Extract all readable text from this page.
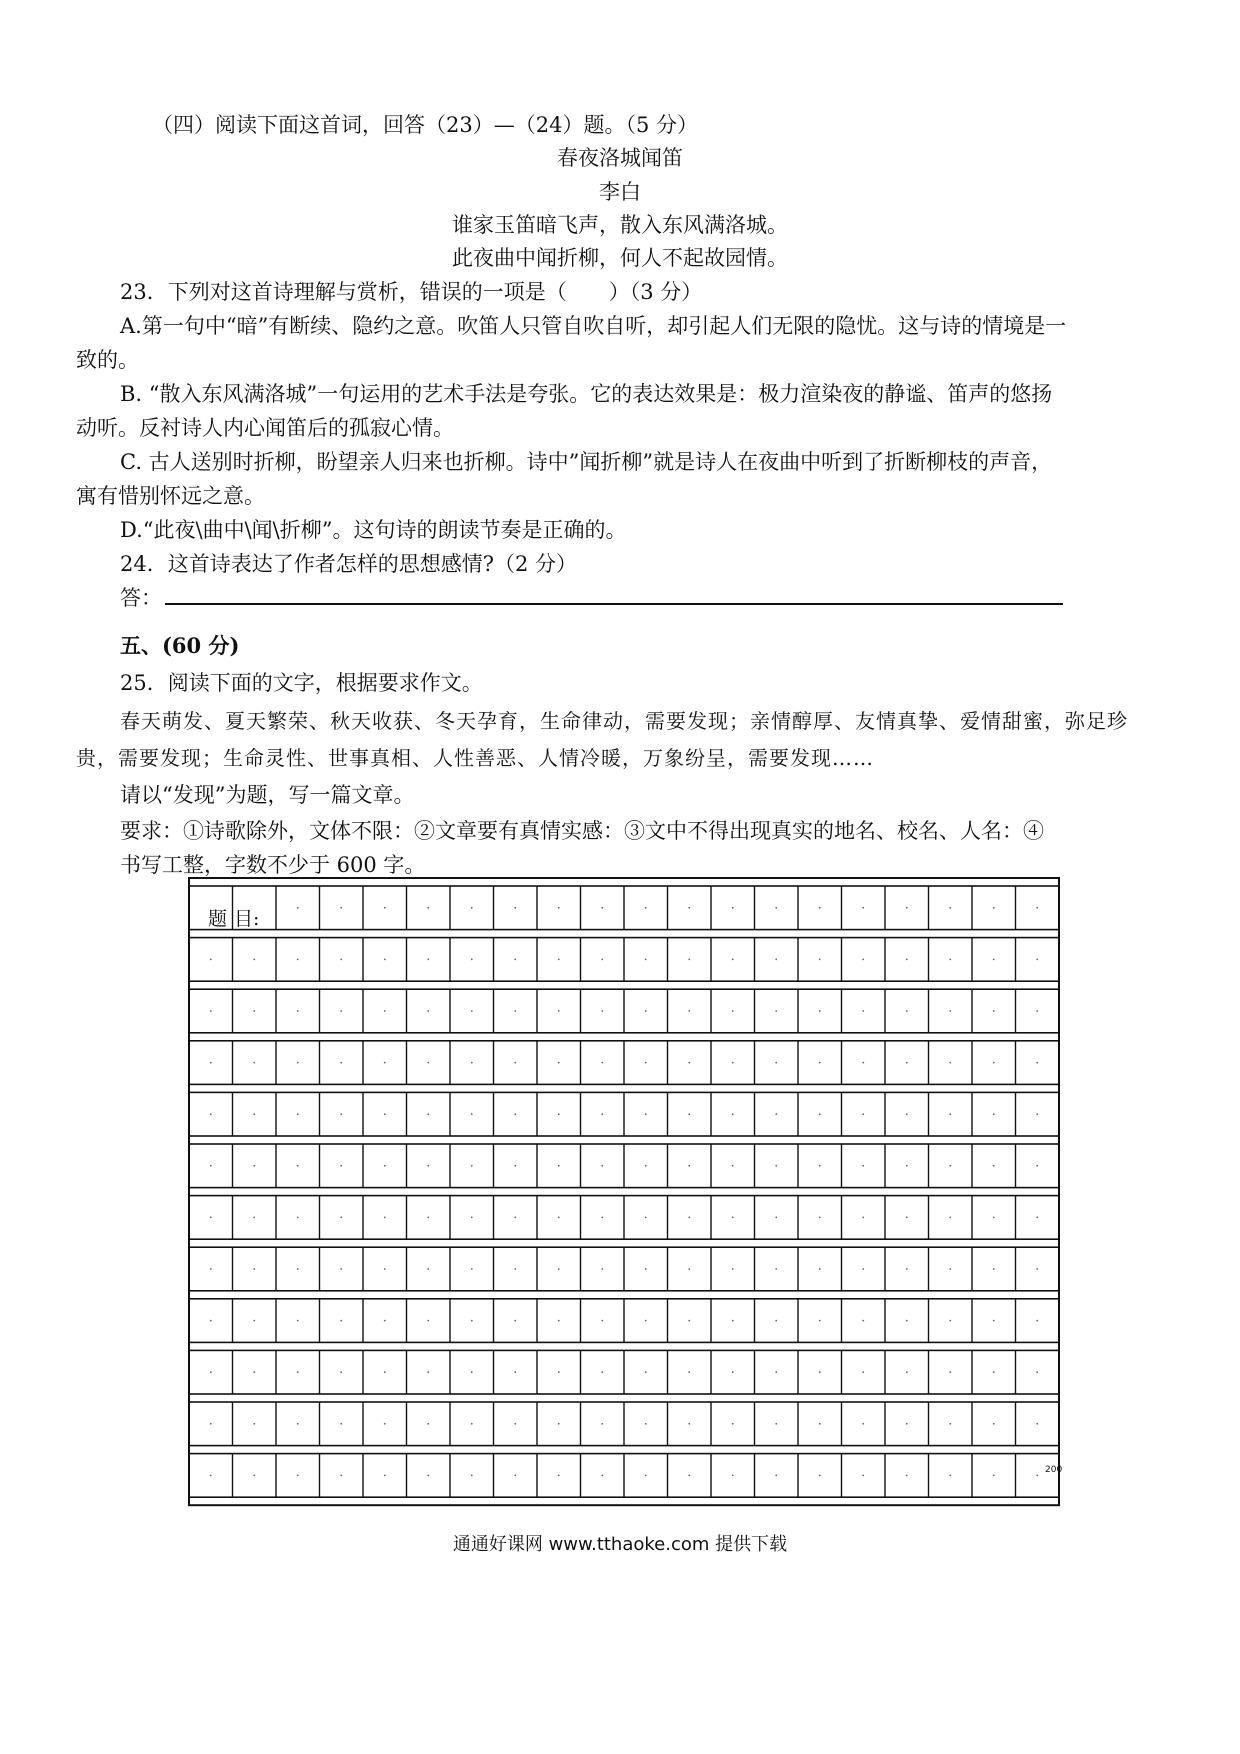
（四）阅读下面这首词，回答（23）—（24）题。（5 分）
春夜洛城闻笛
李白
谁家玉笛暗飞声，散入东风满洛城。
此夜曲中闻折柳，何人不起故园情。
23．下列对这首诗理解与赏析，错误的一项是（　　）（3 分）
A.第一句中“暗”有断续、隐约之意。吹笛人只管自吹自听，却引起人们无限的隐忧。这与诗的情境是一
致的。
B. “散入东风满洛城”一句运用的艺术手法是夸张。它的表达效果是：极力渲染夜的静谧、笛声的悠扬
动听。反衬诗人内心闻笛后的孤寂心情。
C. 古人送别时折柳，盼望亲人归来也折柳。诗中”闻折柳”就是诗人在夜曲中听到了折断柳枝的声音，
寓有惜别怀远之意。
D.“此夜\曲中\闻\折柳”。这句诗的朗读节奏是正确的。
24．这首诗表达了作者怎样的思想感情?（2 分）
答：
五、(60 分)
25．阅读下面的文字，根据要求作文。
春天萌发、夏天繁荣、秋天收获、冬天孕育，生命律动，需要发现；亲情醇厚、友情真挚、爱情甜蜜，弥足珍
贵，需要发现；生命灵性、世事真相、人性善恶、人情冷暖，万象纷呈，需要发现……
请以“发现”为题，写一篇文章。
要求：①诗歌除外，文体不限：②文章要有真情实感：③文中不得出现真实的地名、校名、人名：④
书写工整，字数不少于 600 字。
题 目:
200
通通好课网 www.tthaoke.com 提供下载
